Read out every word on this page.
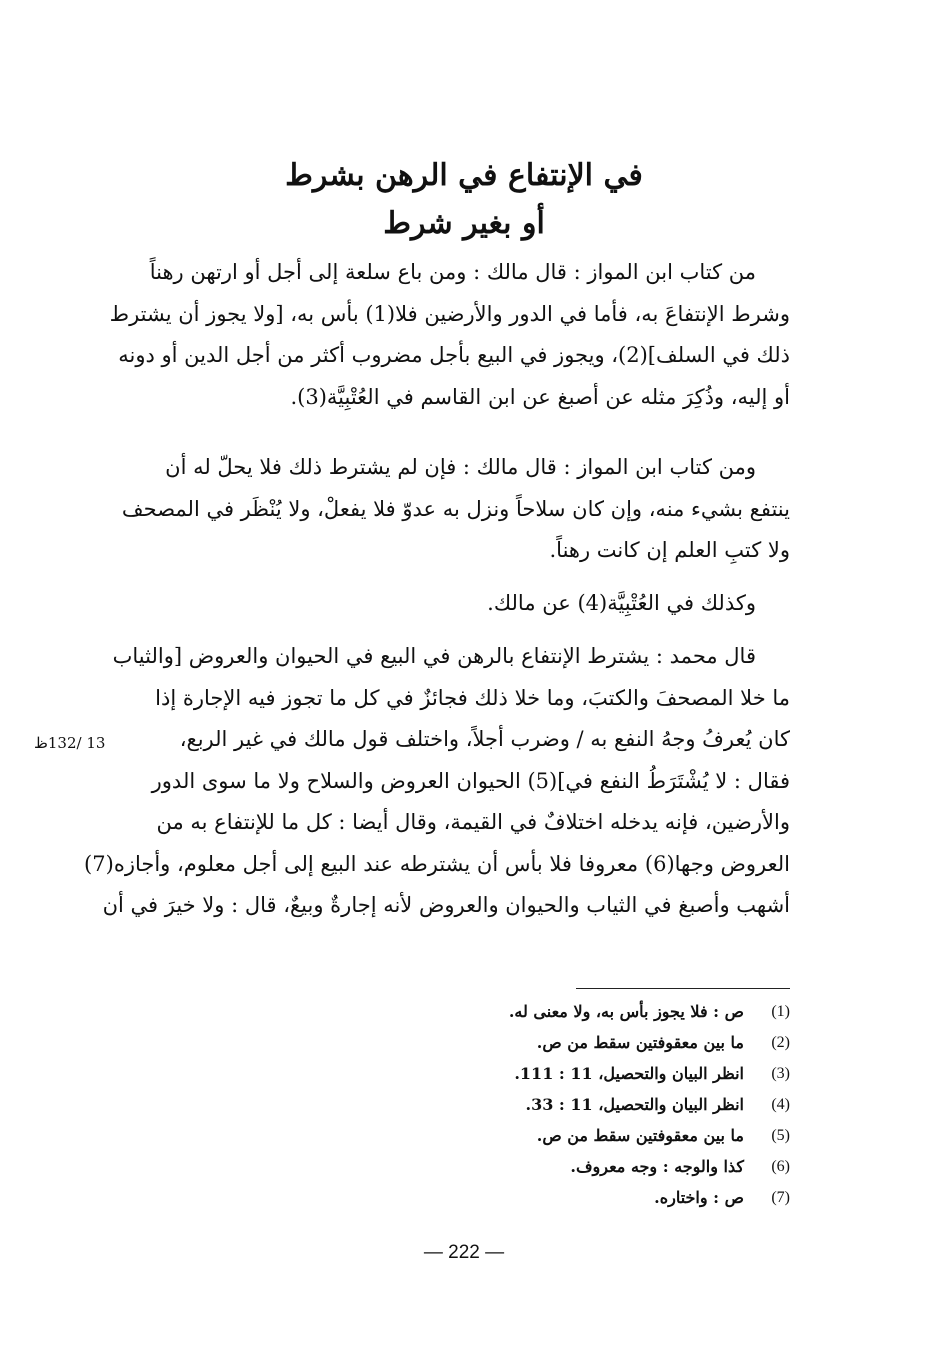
في الإنتفاع في الرهن بشرط
أو بغير شرط
من كتاب ابن المواز : قال مالك : ومن باع سلعة إلى أجل أو ارتهن رهناً
وشرط الإنتفاعَ به، فأما في الدور والأرضين فلا(1) بأس به، [ولا يجوز أن يشترط
ذلك في السلف](2)، ويجوز في البيع بأجل مضروب أكثر من أجل الدين أو دونه
أو إليه، وذُكِرَ مثله عن أصبغ عن ابن القاسم في العُتْبِيَّة(3).
ومن كتاب ابن المواز : قال مالك : فإن لم يشترط ذلك فلا يحلّ له أن
ينتفع بشيء منه، وإن كان سلاحاً ونزل به عدوّ فلا يفعلْ، ولا يُنْظَر في المصحف
ولا كتبِ العلم إن كانت رهناً.
وكذلك في العُتْبِيَّة(4) عن مالك.
قال محمد : يشترط الإنتفاع بالرهن في البيع في الحيوان والعروض [والثياب
ما خلا المصحفَ والكتبَ، وما خلا ذلك فجائزٌ في كل ما تجوز فيه الإجارة إذا
كان يُعرفُ وجهُ النفع به / وضرب أجلاً، واختلف قول مالك في غير الربع،
فقال : لا يُشْتَرَطُ النفع في](5) الحيوان العروض والسلاح ولا ما سوى الدور
والأرضين، فإنه يدخله اختلافٌ في القيمة، وقال أيضا : كل ما للإنتفاع به من
العروض وجها(6) معروفا فلا بأس أن يشترطه عند البيع إلى أجل معلوم، وأجازه(7)
أشهب وأصبغ في الثياب والحيوان والعروض لأنه إجارةٌ وبيعٌ، قال : ولا خيرَ في أن
13 /132ظ
(1)
ص : فلا يجوز بأس به، ولا معنى له.
(2)
ما بين معقوفتين سقط من ص.
(3)
انظر البيان والتحصيل، 11 : 111.
(4)
انظر البيان والتحصيل، 11 : 33.
(5)
ما بين معقوفتين سقط من ص.
(6)
كذا والوجه : وجه معروف.
(7)
ص : واختاره.
— 222 —
